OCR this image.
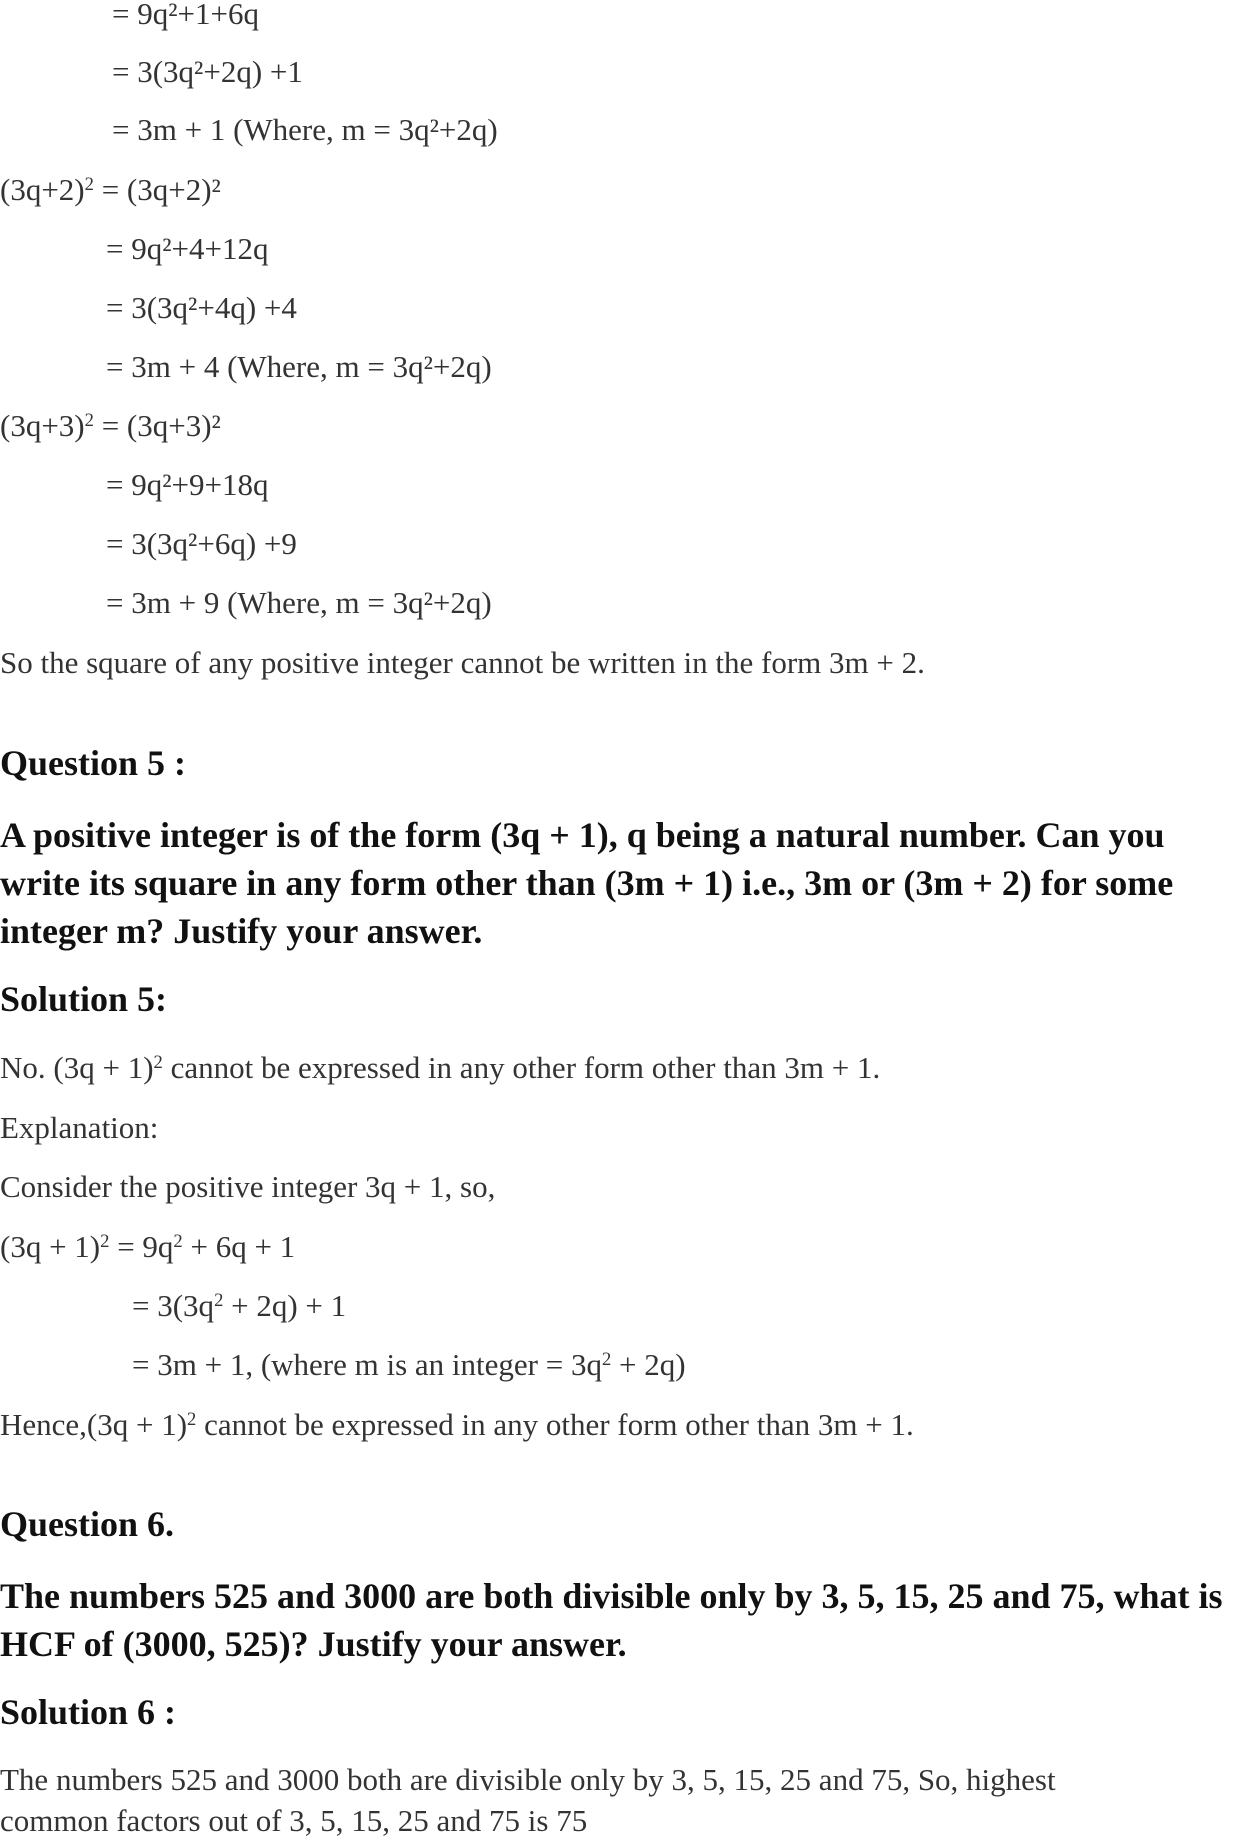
= 9q²+1+6q
= 3(3q²+2q) +1
= 3m + 1 (Where, m = 3q²+2q)
$(3q+2)^2 = (3q+2)^2$
= 9q²+4+12q
= 3(3q²+4q) +4
= 3m + 4 (Where, m = 3q²+2q)
$(3q+3)^2 = (3q+3)^2$
= 9q²+9+18q
= 3(3q²+6q) +9
= 3m + 9 (Where, m = 3q²+2q)
So the square of any positive integer cannot be written in the form 3m + 2.
Question 5 :
A positive integer is of the form (3q + 1), q being a natural number. Can you write its square in any form other than (3m + 1) i.e., 3m or (3m + 2) for some integer m? Justify your answer.
Solution 5:
No. $(3q + 1)^2$ cannot be expressed in any other form other than 3m + 1.
Explanation:
Consider the positive integer 3q + 1, so,
$(3q + 1)^2 = 9q^2 + 6q + 1$
= $3(3q^2 + 2q) + 1$
= 3m + 1, (where m is an integer = $3q^2 + 2q$)
Hence,(3q + 1)$^2$ cannot be expressed in any other form other than 3m + 1.
Question 6.
The numbers 525 and 3000 are both divisible only by 3, 5, 15, 25 and 75, what is HCF of (3000, 525)? Justify your answer.
Solution 6 :
The numbers 525 and 3000 both are divisible only by 3, 5, 15, 25 and 75, So, highest
common factors out of 3, 5, 15, 25 and 75 is 75
